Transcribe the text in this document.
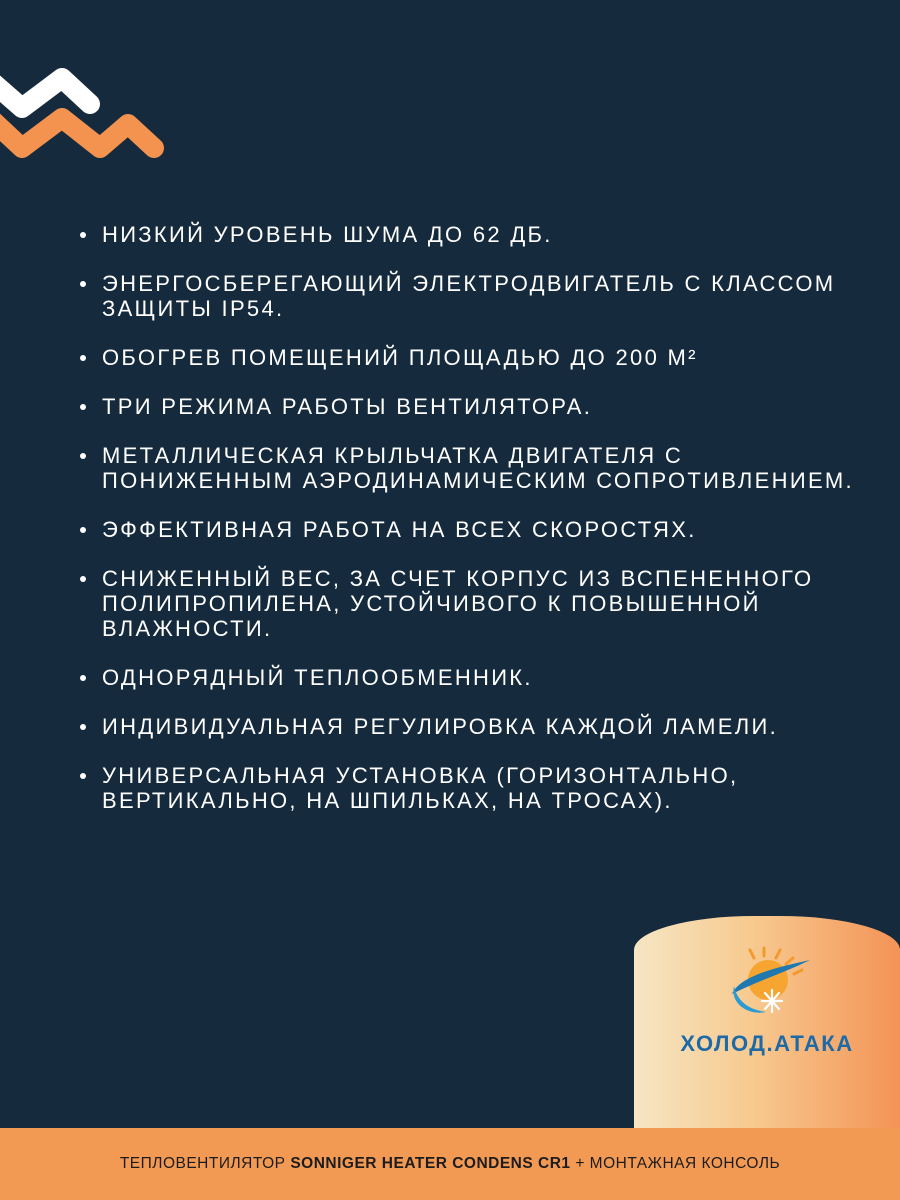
НИЗКИЙ УРОВЕНЬ ШУМА ДО 62 ДБ.
ЭНЕРГОСБЕРЕГАЮЩИЙ ЭЛЕКТРОДВИГАТЕЛЬ С КЛАССОМ ЗАЩИТЫ IP54.
ОБОГРЕВ ПОМЕЩЕНИЙ ПЛОЩАДЬЮ ДО 200 М²
ТРИ РЕЖИМА РАБОТЫ ВЕНТИЛЯТОРА.
МЕТАЛЛИЧЕСКАЯ КРЫЛЬЧАТКА ДВИГАТЕЛЯ С ПОНИЖЕННЫМ АЭРОДИНАМИЧЕСКИМ СОПРОТИВЛЕНИЕМ.
ЭФФЕКТИВНАЯ РАБОТА НА ВСЕХ СКОРОСТЯХ.
СНИЖЕННЫЙ ВЕС, ЗА СЧЕТ КОРПУС ИЗ ВСПЕНЕННОГО ПОЛИПРОПИЛЕНА, УСТОЙЧИВОГО К ПОВЫШЕННОЙ ВЛАЖНОСТИ.
ОДНОРЯДНЫЙ ТЕПЛООБМЕННИК.
ИНДИВИДУАЛЬНАЯ РЕГУЛИРОВКА КАЖДОЙ ЛАМЕЛИ.
УНИВЕРСАЛЬНАЯ УСТАНОВКА (ГОРИЗОНТАЛЬНО, ВЕРТИКАЛЬНО, НА ШПИЛЬКАХ, НА ТРОСАХ).
ХОЛОД.АТАКА
ТЕПЛОВЕНТИЛЯТОР SONNIGER HEATER CONDENS CR1 + МОНТАЖНАЯ КОНСОЛЬ
